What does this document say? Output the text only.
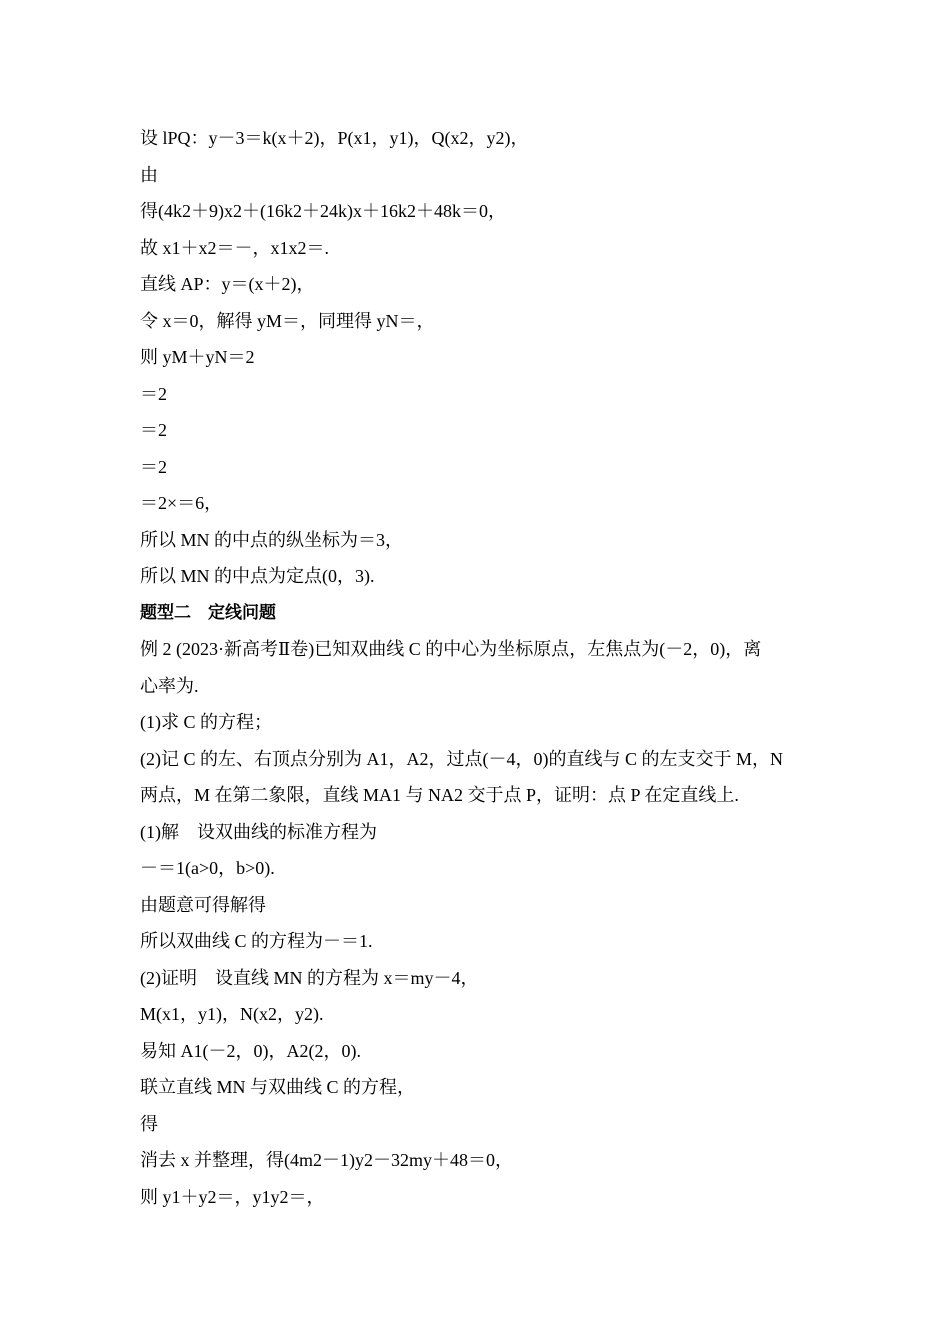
设 lPQ：y－3＝k(x＋2)，P(x1，y1)，Q(x2，y2)，
由
得(4k2＋9)x2＋(16k2＋24k)x＋16k2＋48k＝0，
故 x1＋x2＝－，x1x2＝.
直线 AP：y＝(x＋2)，
令 x＝0，解得 yM＝，同理得 yN＝，
则 yM＋yN＝2
＝2
＝2
＝2
＝2×＝6，
所以 MN 的中点的纵坐标为＝3，
所以 MN 的中点为定点(0，3).
题型二　定线问题
例 2 (2023·新高考Ⅱ卷)已知双曲线 C 的中心为坐标原点，左焦点为(－2，0)，离
心率为.
(1)求 C 的方程；
(2)记 C 的左、右顶点分别为 A1，A2，过点(－4，0)的直线与 C 的左支交于 M，N
两点，M 在第二象限，直线 MA1 与 NA2 交于点 P，证明：点 P 在定直线上.
(1)解　设双曲线的标准方程为
－＝1(a>0，b>0).
由题意可得解得
所以双曲线 C 的方程为－＝1.
(2)证明　设直线 MN 的方程为 x＝my－4，
M(x1，y1)，N(x2，y2).
易知 A1(－2，0)，A2(2，0).
联立直线 MN 与双曲线 C 的方程，
得
消去 x 并整理，得(4m2－1)y2－32my＋48＝0，
则 y1＋y2＝，y1y2＝，
